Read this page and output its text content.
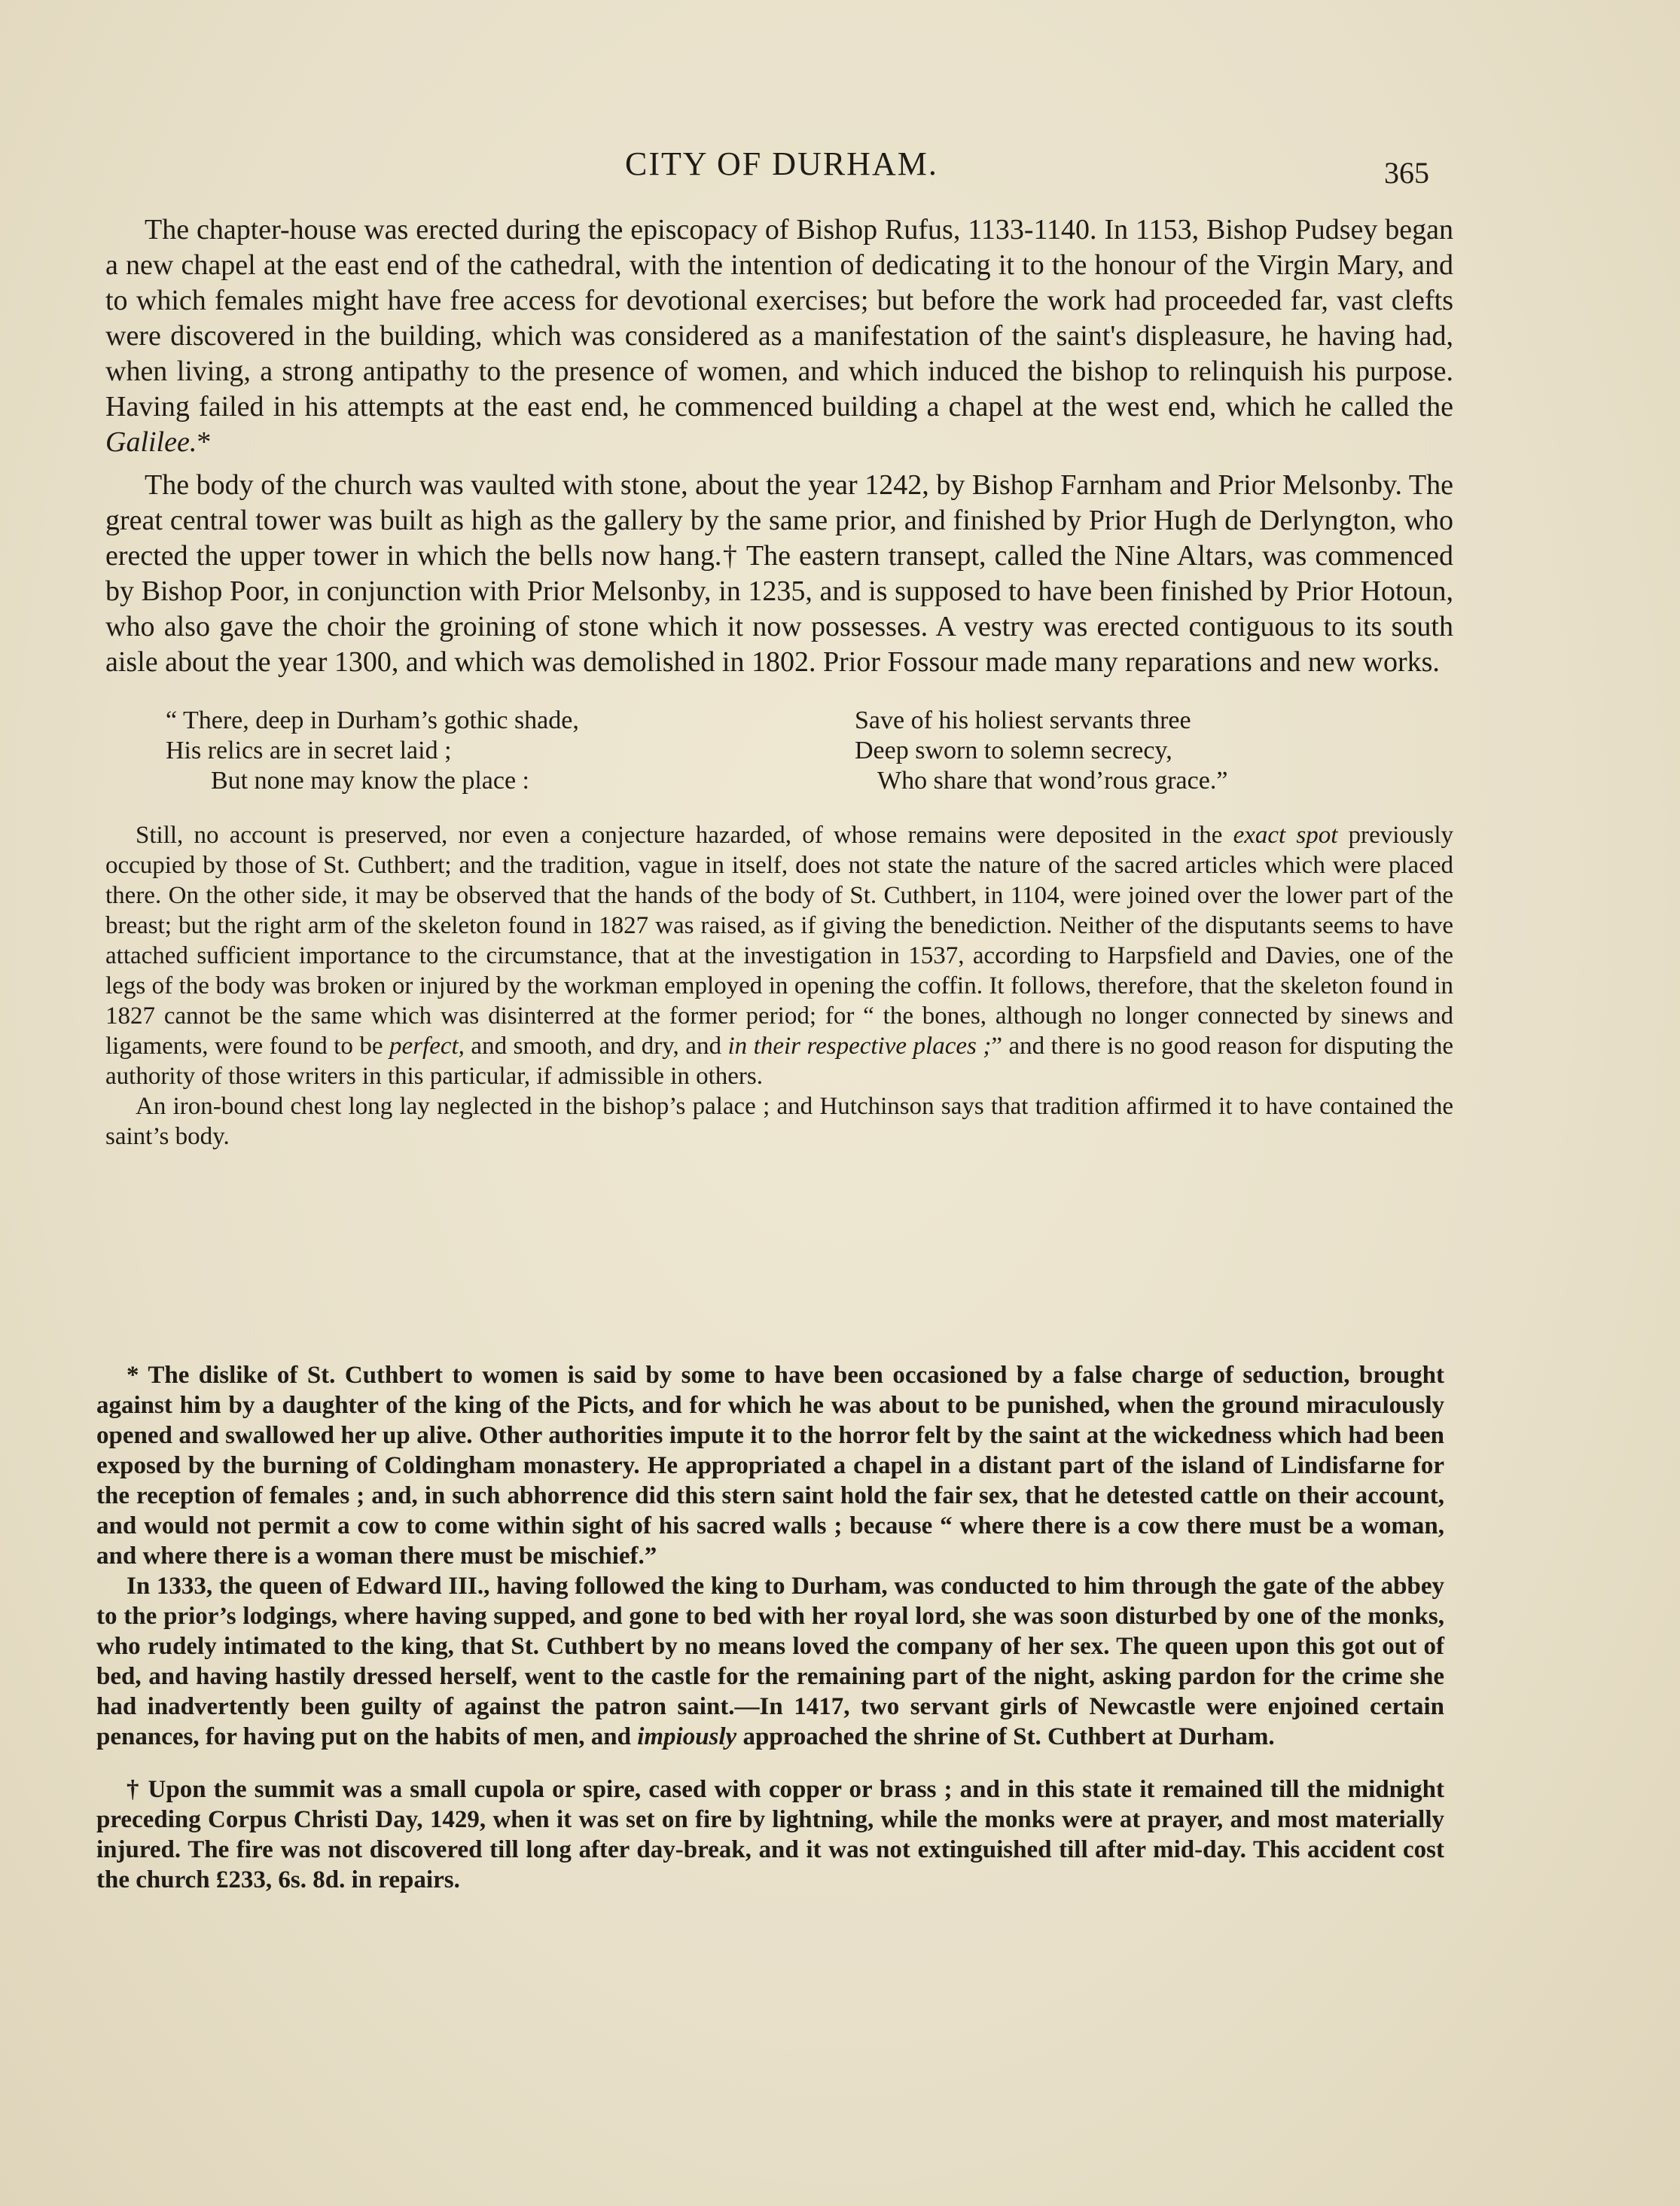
CITY OF DURHAM.	365

The chapter-house was erected during the episcopacy of Bishop Rufus, 1133-1140. In 1153, Bishop Pudsey began a new chapel at the east end of the cathedral, with the intention of dedicating it to the honour of the Virgin Mary, and to which females might have free access for devotional exercises; but before the work had proceeded far, vast clefts were discovered in the building, which was considered as a manifestation of the saint's displeasure, he having had, when living, a strong antipathy to the presence of women, and which induced the bishop to relinquish his purpose. Having failed in his attempts at the east end, he commenced building a chapel at the west end, which he called the Galilee.*

The body of the church was vaulted with stone, about the year 1242, by Bishop Farnham and Prior Melsonby. The great central tower was built as high as the gallery by the same prior, and finished by Prior Hugh de Derlyngton, who erected the upper tower in which the bells now hang.† The eastern transept, called the Nine Altars, was commenced by Bishop Poor, in conjunction with Prior Melsonby, in 1235, and is supposed to have been finished by Prior Hotoun, who also gave the choir the groining of stone which it now possesses. A vestry was erected contiguous to its south aisle about the year 1300, and which was demolished in 1802. Prior Fossour made many reparations and new works.

“ There, deep in Durham’s gothic shade,
His relics are in secret laid ;
But none may know the place :
Save of his holiest servants three
Deep sworn to solemn secrecy,
Who share that wond’rous grace.”

Still, no account is preserved, nor even a conjecture hazarded, of whose remains were deposited in the exact spot previously occupied by those of St. Cuthbert; and the tradition, vague in itself, does not state the nature of the sacred articles which were placed there. On the other side, it may be observed that the hands of the body of St. Cuthbert, in 1104, were joined over the lower part of the breast; but the right arm of the skeleton found in 1827 was raised, as if giving the benediction. Neither of the disputants seems to have attached sufficient importance to the circumstance, that at the investigation in 1537, according to Harpsfield and Davies, one of the legs of the body was broken or injured by the workman employed in opening the coffin. It follows, therefore, that the skeleton found in 1827 cannot be the same which was disinterred at the former period; for “ the bones, although no longer connected by sinews and ligaments, were found to be perfect, and smooth, and dry, and in their respective places ;” and there is no good reason for disputing the authority of those writers in this particular, if admissible in others.

An iron-bound chest long lay neglected in the bishop’s palace ; and Hutchinson says that tradition affirmed it to have contained the saint’s body.

* The dislike of St. Cuthbert to women is said by some to have been occasioned by a false charge of seduction, brought against him by a daughter of the king of the Picts, and for which he was about to be punished, when the ground miraculously opened and swallowed her up alive. Other authorities impute it to the horror felt by the saint at the wickedness which had been exposed by the burning of Coldingham monastery. He appropriated a chapel in a distant part of the island of Lindisfarne for the reception of females ; and, in such abhorrence did this stern saint hold the fair sex, that he detested cattle on their account, and would not permit a cow to come within sight of his sacred walls ; because “ where there is a cow there must be a woman, and where there is a woman there must be mischief.”

In 1333, the queen of Edward III., having followed the king to Durham, was conducted to him through the gate of the abbey to the prior’s lodgings, where having supped, and gone to bed with her royal lord, she was soon disturbed by one of the monks, who rudely intimated to the king, that St. Cuthbert by no means loved the company of her sex. The queen upon this got out of bed, and having hastily dressed herself, went to the castle for the remaining part of the night, asking pardon for the crime she had inadvertently been guilty of against the patron saint.—In 1417, two servant girls of Newcastle were enjoined certain penances, for having put on the habits of men, and impiously approached the shrine of St. Cuthbert at Durham.

† Upon the summit was a small cupola or spire, cased with copper or brass ; and in this state it remained till the midnight preceding Corpus Christi Day, 1429, when it was set on fire by lightning, while the monks were at prayer, and most materially injured. The fire was not discovered till long after day-break, and it was not extinguished till after mid-day. This accident cost the church £233, 6s. 8d. in repairs.
